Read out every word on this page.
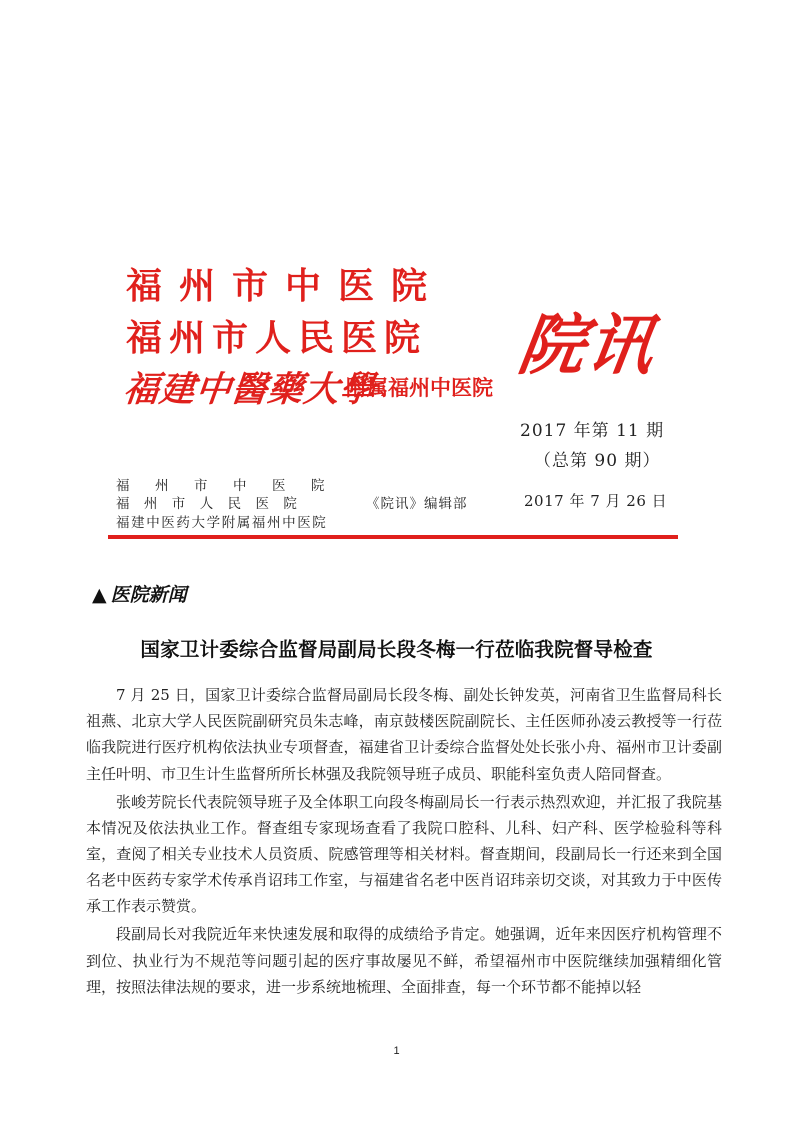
福州市中医院
福州市人民医院
福建中醫藥大學
附属福州中医院
院讯
2017 年第 11 期
（总第 90 期）
福州市中医院
福州市人民医院
福建中医药大学附属福州中医院
《院讯》编辑部	2017 年 7 月 26 日
▲ 医院新闻
国家卫计委综合监督局副局长段冬梅一行莅临我院督导检查

7 月 25 日，国家卫计委综合监督局副局长段冬梅、副处长钟发英，河南省卫生监督局科长祖燕、北京大学人民医院副研究员朱志峰，南京鼓楼医院副院长、主任医师孙凌云教授等一行莅临我院进行医疗机构依法执业专项督查，福建省卫计委综合监督处处长张小舟、福州市卫计委副主任叶明、市卫生计生监督所所长林强及我院领导班子成员、职能科室负责人陪同督查。

张峻芳院长代表院领导班子及全体职工向段冬梅副局长一行表示热烈欢迎，并汇报了我院基本情况及依法执业工作。督查组专家现场查看了我院口腔科、儿科、妇产科、医学检验科等科室，查阅了相关专业技术人员资质、院感管理等相关材料。督查期间，段副局长一行还来到全国名老中医药专家学术传承肖诏玮工作室，与福建省名老中医肖诏玮亲切交谈，对其致力于中医传承工作表示赞赏。

段副局长对我院近年来快速发展和取得的成绩给予肯定。她强调，近年来因医疗机构管理不到位、执业行为不规范等问题引起的医疗事故屡见不鲜，希望福州市中医院继续加强精细化管理，按照法律法规的要求，进一步系统地梳理、全面排查，每一个环节都不能掉以轻

1
